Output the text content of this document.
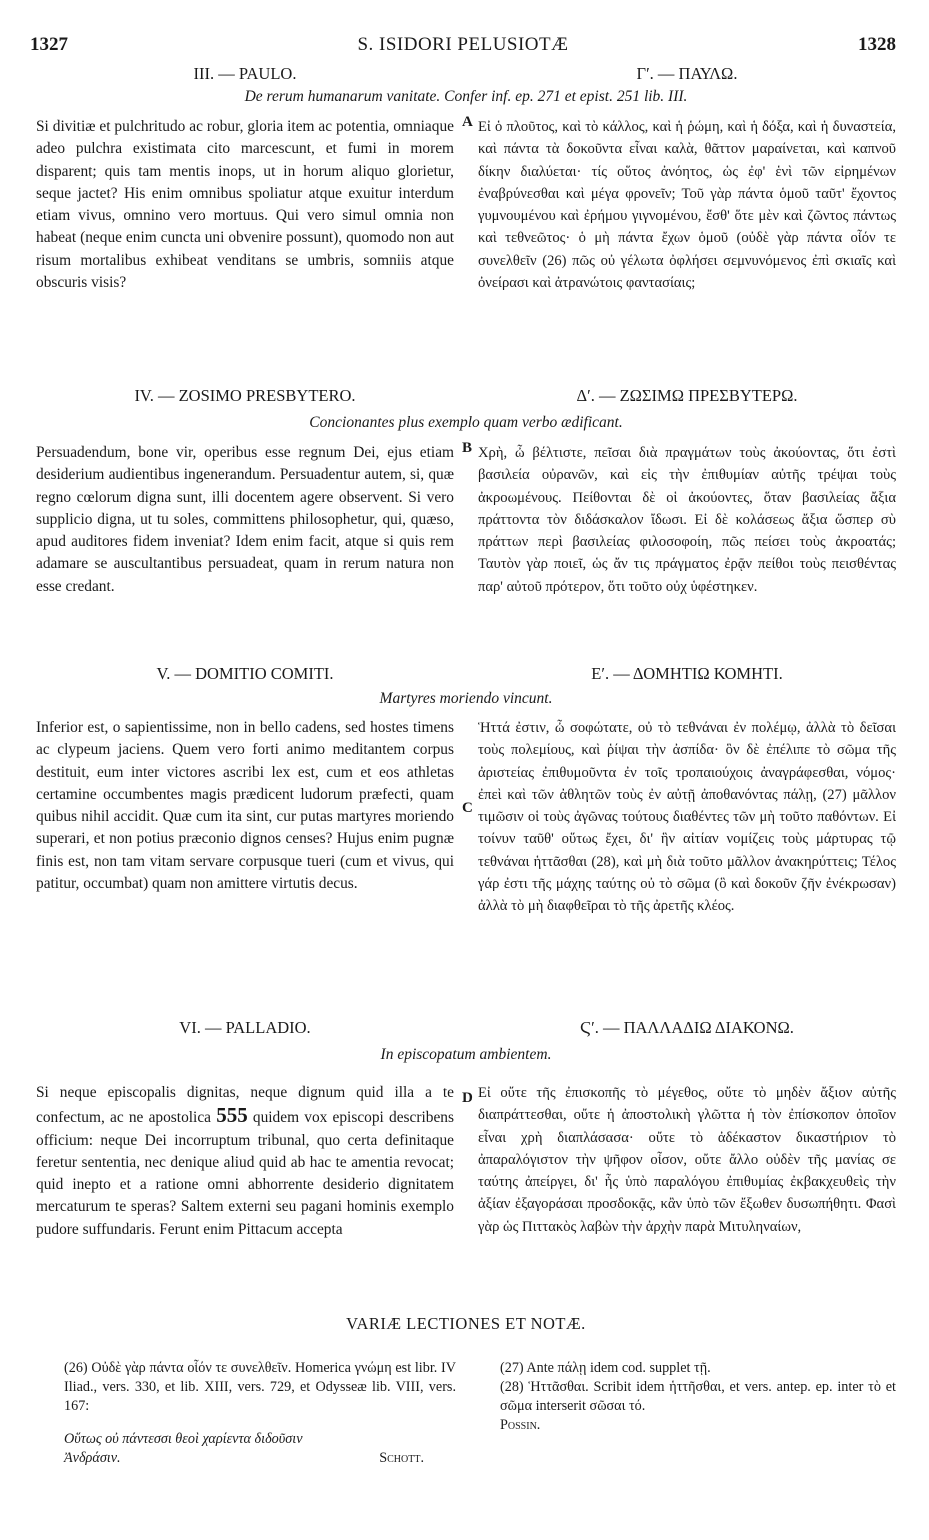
1327	S. ISIDORI PELUSIOTÆ	1328
III. — PAULO.	Γʹ. — ΠΑΥΛΩ.
De rerum humanarum vanitate. Confer inf. ep. 271 et epist. 251 lib. III.
A

Si divitiæ et pulchritudo ac robur, gloria item ac potentia, omniaque adeo pulchra existimata cito marcescunt, et fumi in morem disparent; quis tam mentis inops, ut in horum aliquo glorietur, seque jactet? His enim omnibus spoliatur atque exuitur interdum etiam vivus, omnino vero mortuus. Qui vero simul omnia non habeat (neque enim cuncta uni obvenire possunt), quomodo non aut risum mortalibus exhibeat venditans se umbris, somniis atque obscuris visis?

Εἰ ὁ πλοῦτος, καὶ τὸ κάλλος, καὶ ἡ ῥώμη, καὶ ἡ δόξα, καὶ ἡ δυναστεία, καὶ πάντα τὰ δοκοῦντα εἶναι καλὰ, θᾶττον μαραίνεται, καὶ καπνοῦ δίκην διαλύεται· τίς οὕτος ἀνόητος, ὡς ἐφ' ἑνὶ τῶν εἰρημένων ἐναβρύνεσθαι καὶ μέγα φρονεῖν; Τοῦ γὰρ πάντα ὁμοῦ ταῦτ' ἔχοντος γυμνουμένου καὶ ἐρήμου γιγνομένου, ἔσθ' ὅτε μὲν καὶ ζῶντος πάντως καὶ τεθνεῶτος· ὁ μὴ πάντα ἔχων ὁμοῦ (οὐδὲ γὰρ πάντα οἷόν τε συνελθεῖν (26) πῶς οὐ γέλωτα ὀφλήσει σεμνυνόμενος ἐπὶ σκιαῖς καὶ ὀνείρασι καὶ ἀτρανώτοις φαντασίαις;

IV. — ZOSIMO PRESBYTERO.	Δʹ. — ΖΩΣΙΜΩ ΠΡΕΣΒΥΤΕΡΩ.
Concionantes plus exemplo quam verbo ædificant.
B

Persuadendum, bone vir, operibus esse regnum Dei, ejus etiam desiderium audientibus ingenerandum. Persuadentur autem, si, quæ regno cœlorum digna sunt, illi docentem agere observent. Si vero supplicio digna, ut tu soles, committens philosophetur, qui, quæso, apud auditores fidem inveniat? Idem enim facit, atque si quis rem adamare se auscultantibus persuadeat, quam in rerum natura non esse credant.

Χρὴ, ὦ βέλτιστε, πεῖσαι διὰ πραγμάτων τοὺς ἀκούοντας, ὅτι ἐστὶ βασιλεία οὐρανῶν, καὶ εἰς τὴν ἐπιθυμίαν αὐτῆς τρέψαι τοὺς ἀκροωμένους. Πείθονται δὲ οἱ ἀκούοντες, ὅταν βασιλείας ἄξια πράττοντα τὸν διδάσκαλον ἴδωσι. Εἰ δὲ κολάσεως ἄξια ὥσπερ σὺ πράττων περὶ βασιλείας φιλοσοφοίη, πῶς πείσει τοὺς ἀκροατάς; Ταυτὸν γὰρ ποιεῖ, ὡς ἄν τις πράγματος ἐρᾷν πείθοι τοὺς πεισθέντας παρ' αὐτοῦ πρότερον, ὅτι τοῦτο οὐχ ὑφέστηκεν.

V. — DOMITIO COMITI.	Εʹ. — ΔΟΜΗΤΙΩ ΚΟΜΗΤΙ.
Martyres moriendo vincunt.
C

Inferior est, o sapientissime, non in bello cadens, sed hostes timens ac clypeum jaciens. Quem vero forti animo meditantem corpus destituit, eum inter victores ascribi lex est, cum et eos athletas certamine occumbentes magis prædicent ludorum præfecti, quam quibus nihil accidit. Quæ cum ita sint, cur putas martyres moriendo superari, et non potius præconio dignos censes? Hujus enim pugnæ finis est, non tam vitam servare corpusque tueri (cum et vivus, qui patitur, occumbat) quam non amittere virtutis decus.

Ἡττά ἐστιν, ὦ σοφώτατε, οὐ τὸ τεθνάναι ἐν πολέμῳ, ἀλλὰ τὸ δεῖσαι τοὺς πολεμίους, καὶ ῥίψαι τὴν ἀσπίδα· ὃν δὲ ἐπέλιπε τὸ σῶμα τῆς ἀριστείας ἐπιθυμοῦντα ἐν τοῖς τροπαιούχοις ἀναγράφεσθαι, νόμος· ἐπεὶ καὶ τῶν ἀθλητῶν τοὺς ἐν αὐτῇ ἀποθανόντας πάλῃ, (27) μᾶλλον τιμῶσιν οἱ τοὺς ἀγῶνας τούτους διαθέντες τῶν μὴ τοῦτο παθόντων. Εἰ τοίνυν ταῦθ' οὕτως ἔχει, δι' ἣν αἰτίαν νομίζεις τοὺς μάρτυρας τῷ τεθνάναι ἡττᾶσθαι (28), καὶ μὴ διὰ τοῦτο μᾶλλον ἀνακηρύττεις; Τέλος γάρ ἐστι τῆς μάχης ταύτης οὐ τὸ σῶμα (ὃ καὶ δοκοῦν ζῆν ἐνέκρωσαν) ἀλλὰ τὸ μὴ διαφθεῖραι τὸ τῆς ἀρετῆς κλέος.

VI. — PALLADIO.	Ϛʹ. — ΠΑΛΛΑΔΙΩ ΔΙΑΚΟΝΩ.
In episcopatum ambientem.
D

Si neque episcopalis dignitas, neque dignum quid illa a te confectum, ac ne apostolica 555 quidem vox episcopi describens officium: neque Dei incorruptum tribunal, quo certa definitaque feretur sententia, nec denique aliud quid ab hac te amentia revocat; quid inepto et a ratione omni abhorrente desiderio dignitatem mercaturum te speras? Saltem externi seu pagani hominis exemplo pudore suffundaris. Ferunt enim Pittacum accepta

Εἰ οὔτε τῆς ἐπισκοπῆς τὸ μέγεθος, οὔτε τὸ μηδὲν ἄξιον αὐτῆς διαπράττεσθαι, οὔτε ἡ ἀποστολικὴ γλῶττα ἡ τὸν ἐπίσκοπον ὁποῖον εἶναι χρὴ διαπλάσασα· οὔτε τὸ ἀδέκαστον δικαστήριον τὸ ἀπαραλόγιστον τὴν ψῆφον οἶσον, οὔτε ἄλλο οὐδὲν τῆς μανίας σε ταύτης ἀπείργει, δι' ἧς ὑπὸ παραλόγου ἐπιθυμίας ἐκβακχευθεὶς τὴν ἀξίαν ἐξαγοράσαι προσδοκᾷς, κἂν ὑπὸ τῶν ἔξωθεν δυσωπήθητι. Φασὶ γὰρ ὡς Πιττακὸς λαβὼν τὴν ἀρχὴν παρὰ Μιτυληναίων,

VARIÆ LECTIONES ET NOTÆ.

(26) Οὐδὲ γὰρ πάντα οἷόν τε συνελθεῖν. Homerica γνώμη est libr. IV Iliad., vers. 330, et lib. XIII, vers. 729, et Odysseæ lib. VIII, vers. 167:

Οὕτως οὐ πάντεσσι θεοὶ χαρίεντα διδοῦσιν
Ἀνδράσιν.	Schott.

(27) Ante πάλῃ idem cod. supplet τῇ.

(28) Ἡττᾶσθαι. Scribit idem ἡττῆσθαι, et vers. antep. ep. inter τὸ et σῶμα interserit σῶσαι τό.

Possin.
